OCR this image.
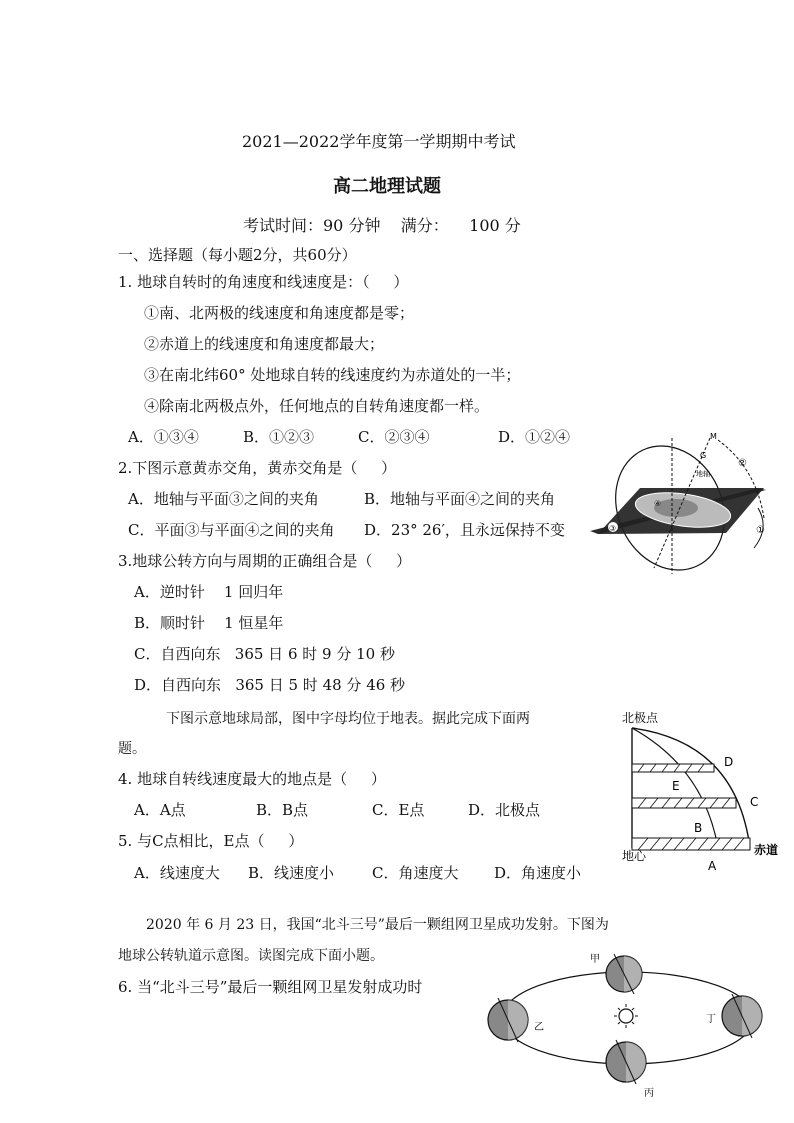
2021—2022学年度第一学期期中考试
高二地理试题
考试时间：90 分钟    满分：    100 分
一、选择题（每小题2分，共60分）
1. 地球自转时的角速度和线速度是：（     ）
①南、北两极的线速度和角速度都是零；
②赤道上的线速度和角速度都最大；
③在南北纬60° 处地球自转的线速度约为赤道处的一半；
④除南北两极点外，任何地点的自转角速度都一样。
A．①③④	B．①②③	C．②③④	D．①②④
2.下图示意黄赤交角，黄赤交角是（     ）
A．地轴与平面③之间的夹角	B．地轴与平面④之间的夹角
C．平面③与平面④之间的夹角 D．23° 26′，且永远保持不变
M
②
①
③
④
G
地轴
3.地球公转方向与周期的正确组合是（     ）
A．逆时针    1 回归年
B．顺时针    1 恒星年
C．自西向东   365 日 6 时 9 分 10 秒
D．自西向东   365 日 5 时 48 分 46 秒
下图示意地球局部，图中字母均位于地表。据此完成下面两
题。
北极点
D
E
C
B
地心	赤道
A
4. 地球自转线速度最大的地点是（     ）
A．A点	B．B点	C．E点	D．北极点
5. 与C点相比，E点（     ）
A．线速度大 B．线速度小	C．角速度大 D．角速度小
2020 年 6 月 23 日，我国“北斗三号”最后一颗组网卫星成功发射。下图为
地球公转轨道示意图。读图完成下面小题。
6. 当“北斗三号”最后一颗组网卫星发射成功时
甲
乙
丙
丁
